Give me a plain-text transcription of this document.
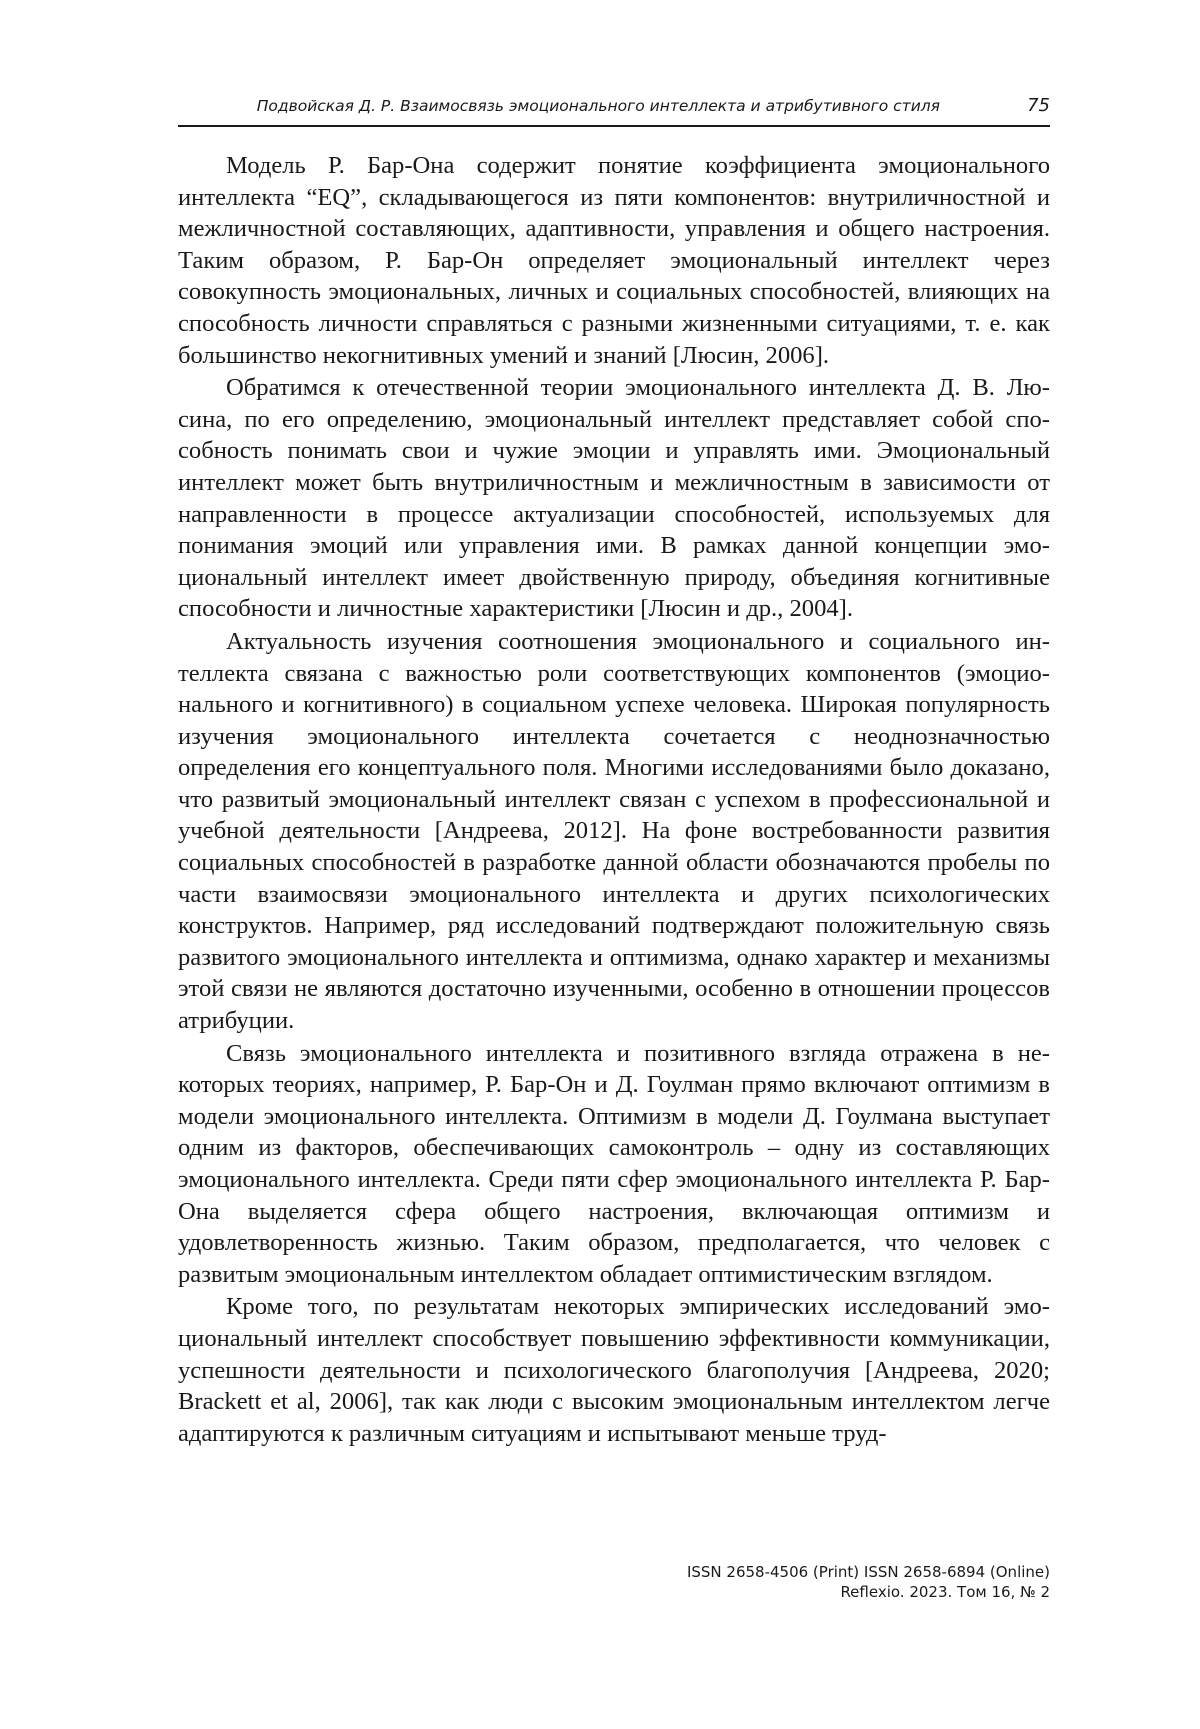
Подвойская Д. Р. Взаимосвязь эмоционального интеллекта и атрибутивного стиля	75

Модель Р. Бар-Она содержит понятие коэффициента эмоционального интеллекта “EQ”, складывающегося из пяти компонентов: внутриличностной и межличностной составляющих, адаптивности, управления и общего настроения. Таким образом, Р. Бар-Он определяет эмоциональный интеллект через совокупность эмоциональных, личных и социальных способностей, влияющих на способность личности справляться с разными жизненными ситуациями, т. е. как большинство некогнитивных умений и знаний [Люсин, 2006].

Обратимся к отечественной теории эмоционального интеллекта Д. В. Люсина, по его определению, эмоциональный интеллект представляет собой способность понимать свои и чужие эмоции и управлять ими. Эмоциональный интеллект может быть внутриличностным и межличностным в зависимости от направленности в процессе актуализации способностей, используемых для понимания эмоций или управления ими. В рамках данной концепции эмоциональный интеллект имеет двойственную природу, объединяя когнитивные способности и личностные характеристики [Люсин и др., 2004].

Актуальность изучения соотношения эмоционального и социального интеллекта связана с важностью роли соответствующих компонентов (эмоционального и когнитивного) в социальном успехе человека. Широкая популярность изучения эмоционального интеллекта сочетается с неоднозначностью определения его концептуального поля. Многими исследованиями было доказано, что развитый эмоциональный интеллект связан с успехом в профессиональной и учебной деятельности [Андреева, 2012]. На фоне востребованности развития социальных способностей в разработке данной области обозначаются пробелы по части взаимосвязи эмоционального интеллекта и других психологических конструктов. Например, ряд исследований подтверждают положительную связь развитого эмоционального интеллекта и оптимизма, однако характер и механизмы этой связи не являются достаточно изученными, особенно в отношении процессов атрибуции.

Связь эмоционального интеллекта и позитивного взгляда отражена в некоторых теориях, например, Р. Бар-Он и Д. Гоулман прямо включают оптимизм в модели эмоционального интеллекта. Оптимизм в модели Д. Гоулмана выступает одним из факторов, обеспечивающих самоконтроль – одну из составляющих эмоционального интеллекта. Среди пяти сфер эмоционального интеллекта Р. Бар-Она выделяется сфера общего настроения, включающая оптимизм и удовлетворенность жизнью. Таким образом, предполагается, что человек с развитым эмоциональным интеллектом обладает оптимистическим взглядом.

Кроме того, по результатам некоторых эмпирических исследований эмоциональный интеллект способствует повышению эффективности коммуникации, успешности деятельности и психологического благополучия [Андреева, 2020; Brackett et al, 2006], так как люди с высоким эмоциональным интеллектом легче адаптируются к различным ситуациям и испытывают меньше труд-

ISSN 2658-4506 (Print) ISSN 2658-6894 (Online)
Reflexio. 2023. Том 16, № 2
